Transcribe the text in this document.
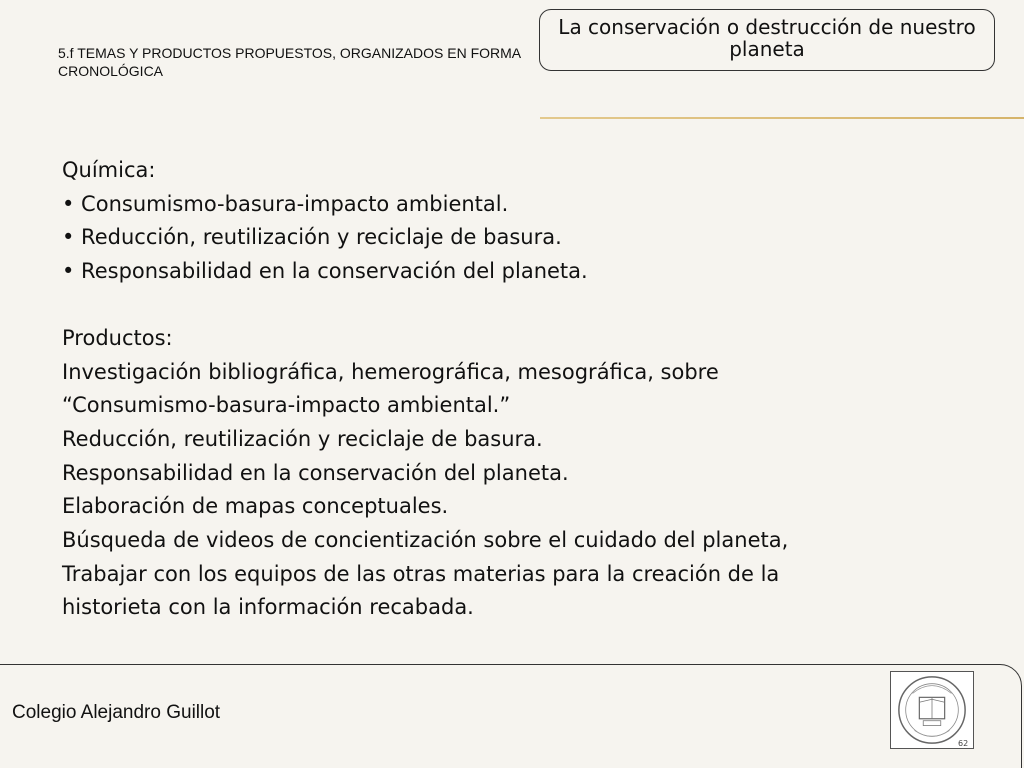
5.f TEMAS Y PRODUCTOS PROPUESTOS, ORGANIZADOS EN FORMA CRONOLÓGICA
La conservación o destrucción de nuestro
planeta
Química:
• Consumismo-basura-impacto ambiental.
• Reducción, reutilización y reciclaje de basura.
• Responsabilidad en la conservación del planeta.
Productos:
Investigación bibliográfica, hemerográfica, mesográfica, sobre
“Consumismo-basura-impacto ambiental.”
Reducción, reutilización y reciclaje de basura.
Responsabilidad en la conservación del planeta.
Elaboración de mapas conceptuales.
Búsqueda de videos de concientización sobre el cuidado del planeta,
Trabajar con los equipos de las otras materias para la creación de la
historieta con la información recabada.
Colegio Alejandro Guillot
62
